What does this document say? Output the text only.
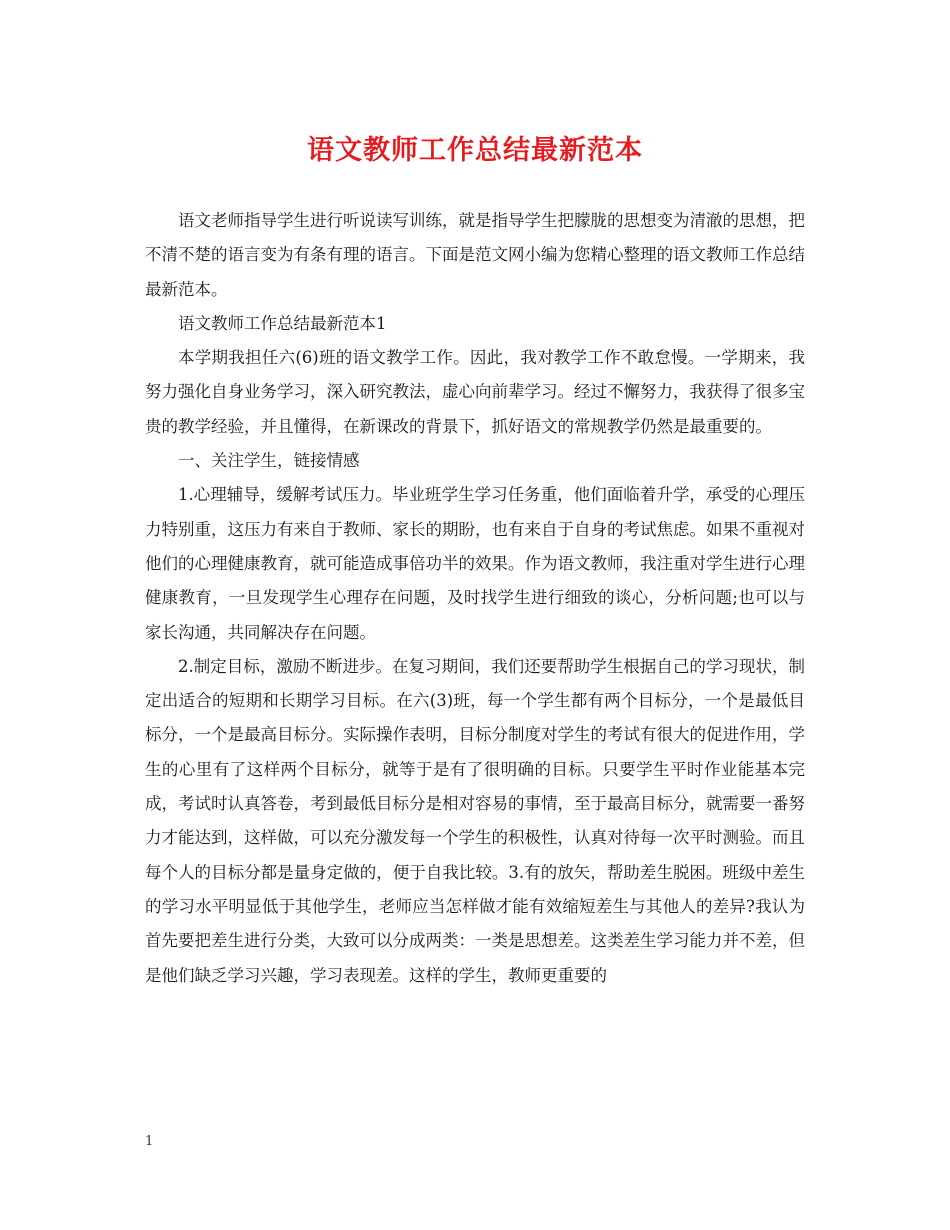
语文教师工作总结最新范本

语文老师指导学生进行听说读写训练，就是指导学生把朦胧的思想变为清澈的思想，把不清不楚的语言变为有条有理的语言。下面是范文网小编为您精心整理的语文教师工作总结最新范本。

语文教师工作总结最新范本1

本学期我担任六(6)班的语文教学工作。因此，我对教学工作不敢怠慢。一学期来，我努力强化自身业务学习，深入研究教法，虚心向前辈学习。经过不懈努力，我获得了很多宝贵的教学经验，并且懂得，在新课改的背景下，抓好语文的常规教学仍然是最重要的。

一、关注学生，链接情感

1.心理辅导，缓解考试压力。毕业班学生学习任务重，他们面临着升学，承受的心理压力特别重，这压力有来自于教师、家长的期盼，也有来自于自身的考试焦虑。如果不重视对他们的心理健康教育，就可能造成事倍功半的效果。作为语文教师，我注重对学生进行心理健康教育，一旦发现学生心理存在问题，及时找学生进行细致的谈心，分析问题;也可以与家长沟通，共同解决存在问题。

2.制定目标，激励不断进步。在复习期间，我们还要帮助学生根据自己的学习现状，制定出适合的短期和长期学习目标。在六(3)班，每一个学生都有两个目标分，一个是最低目标分，一个是最高目标分。实际操作表明，目标分制度对学生的考试有很大的促进作用，学生的心里有了这样两个目标分，就等于是有了很明确的目标。只要学生平时作业能基本完成，考试时认真答卷，考到最低目标分是相对容易的事情，至于最高目标分，就需要一番努力才能达到，这样做，可以充分激发每一个学生的积极性，认真对待每一次平时测验。而且每个人的目标分都是量身定做的，便于自我比较。3.有的放矢，帮助差生脱困。班级中差生的学习水平明显低于其他学生，老师应当怎样做才能有效缩短差生与其他人的差异?我认为首先要把差生进行分类，大致可以分成两类：一类是思想差。这类差生学习能力并不差，但是他们缺乏学习兴趣，学习表现差。这样的学生，教师更重要的

1
